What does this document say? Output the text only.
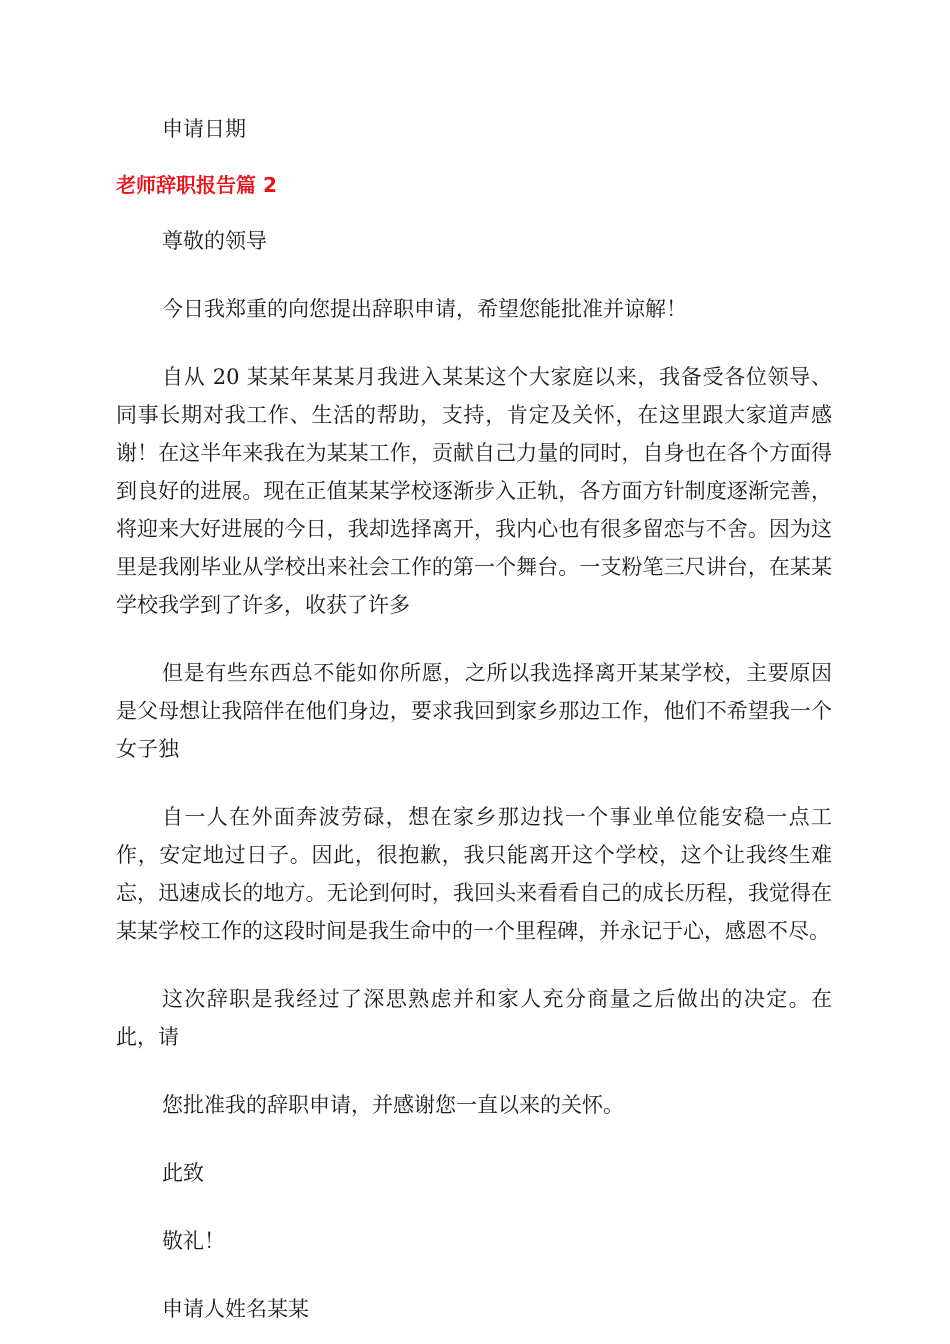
申请日期

老师辞职报告篇 2

尊敬的领导

今日我郑重的向您提出辞职申请，希望您能批准并谅解！

自从 20 某某年某某月我进入某某这个大家庭以来，我备受各位领导、同事长期对我工作、生活的帮助，支持，肯定及关怀，在这里跟大家道声感谢！在这半年来我在为某某工作，贡献自己力量的同时，自身也在各个方面得到良好的进展。现在正值某某学校逐渐步入正轨，各方面方针制度逐渐完善，将迎来大好进展的今日，我却选择离开，我内心也有很多留恋与不舍。因为这里是我刚毕业从学校出来社会工作的第一个舞台。一支粉笔三尺讲台，在某某学校我学到了许多，收获了许多

但是有些东西总不能如你所愿，之所以我选择离开某某学校，主要原因是父母想让我陪伴在他们身边，要求我回到家乡那边工作，他们不希望我一个女子独

自一人在外面奔波劳碌，想在家乡那边找一个事业单位能安稳一点工作，安定地过日子。因此，很抱歉，我只能离开这个学校，这个让我终生难忘，迅速成长的地方。无论到何时，我回头来看看自己的成长历程，我觉得在某某学校工作的这段时间是我生命中的一个里程碑，并永记于心，感恩不尽。

这次辞职是我经过了深思熟虑并和家人充分商量之后做出的决定。在此，请

您批准我的辞职申请，并感谢您一直以来的关怀。

此致

敬礼！

申请人姓名某某
